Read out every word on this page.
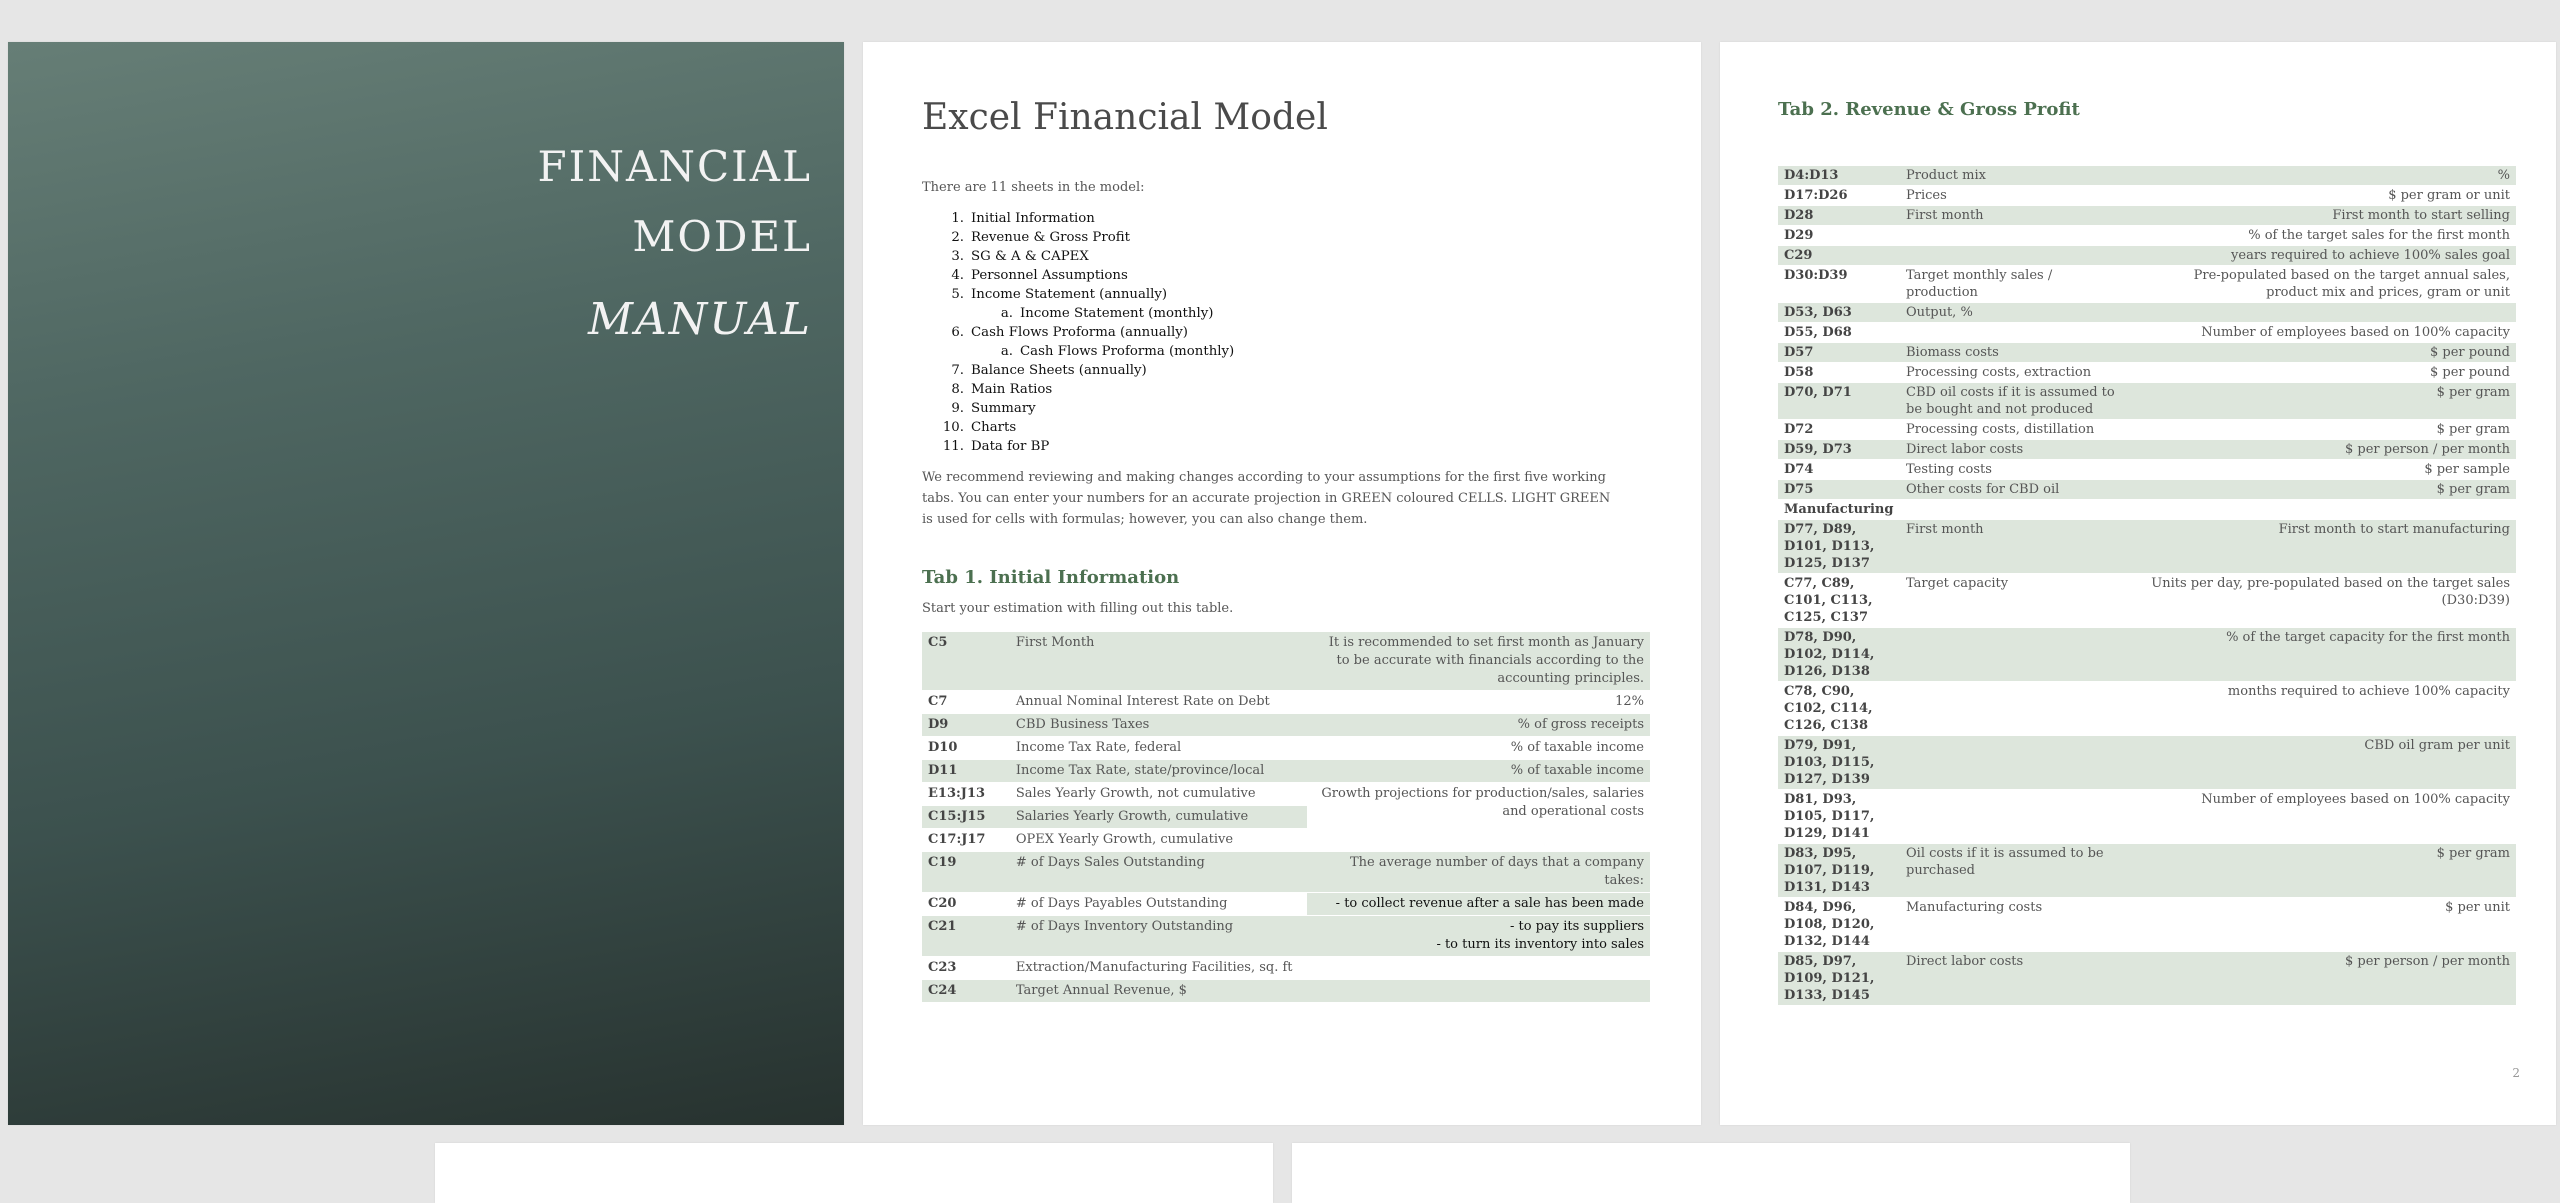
FINANCIAL
MODEL
MANUAL
Excel Financial Model
There are 11 sheets in the model:
1. Initial Information
2. Revenue & Gross Profit
3. SG & A & CAPEX
4. Personnel Assumptions
5. Income Statement (annually)
a. Income Statement (monthly)
6. Cash Flows Proforma (annually)
a. Cash Flows Proforma (monthly)
7. Balance Sheets (annually)
8. Main Ratios
9. Summary
10. Charts
11. Data for BP
We recommend reviewing and making changes according to your assumptions for the first five working tabs. You can enter your numbers for an accurate projection in GREEN coloured CELLS. LIGHT GREEN is used for cells with formulas; however, you can also change them.
Tab 1. Initial Information
Start your estimation with filling out this table.
C5	First Month	It is recommended to set first month as January to be accurate with financials according to the accounting principles.
C7	Annual Nominal Interest Rate on Debt	12%
D9	CBD Business Taxes	% of gross receipts
D10	Income Tax Rate, federal	% of taxable income
D11	Income Tax Rate, state/province/local	% of taxable income
E13:J13	Sales Yearly Growth, not cumulative	Growth projections for production/sales, salaries and operational costs
C15:J15	Salaries Yearly Growth, cumulative	
C17:J17	OPEX Yearly Growth, cumulative	
C19	# of Days Sales Outstanding	The average number of days that a company takes:
C20	# of Days Payables Outstanding	- to collect revenue after a sale has been made
C21	# of Days Inventory Outstanding	- to pay its suppliers
- to turn its inventory into sales

C23	Extraction/Manufacturing Facilities, sq. ft	
C24	Target Annual Revenue, $	
Tab 2. Revenue & Gross Profit
D4:D13	Product mix	%
D17:D26	Prices	$ per gram or unit
D28	First month	First month to start selling
D29		% of the target sales for the first month
C29		years required to achieve 100% sales goal
D30:D39	Target monthly sales / production	Pre-populated based on the target annual sales, product mix and prices, gram or unit
D53, D63	Output, %	
D55, D68		Number of employees based on 100% capacity
D57	Biomass costs	$ per pound
D58	Processing costs, extraction	$ per pound
D70, D71	CBD oil costs if it is assumed to be bought and not produced	$ per gram
D72	Processing costs, distillation	$ per gram
D59, D73	Direct labor costs	$ per person / per month
D74	Testing costs	$ per sample
D75	Other costs for CBD oil	$ per gram
Manufacturing		
D77, D89, D101, D113, D125, D137	First month	First month to start manufacturing
C77, C89, C101, C113, C125, C137	Target capacity	Units per day, pre-populated based on the target sales (D30:D39)
D78, D90, D102, D114, D126, D138		% of the target capacity for the first month
C78, C90, C102, C114, C126, C138		months required to achieve 100% capacity
D79, D91, D103, D115, D127, D139		CBD oil gram per unit
D81, D93, D105, D117, D129, D141		Number of employees based on 100% capacity
D83, D95, D107, D119, D131, D143	Oil costs if it is assumed to be purchased	$ per gram
D84, D96, D108, D120, D132, D144	Manufacturing costs	$ per unit
D85, D97, D109, D121, D133, D145	Direct labor costs	$ per person / per month
2
